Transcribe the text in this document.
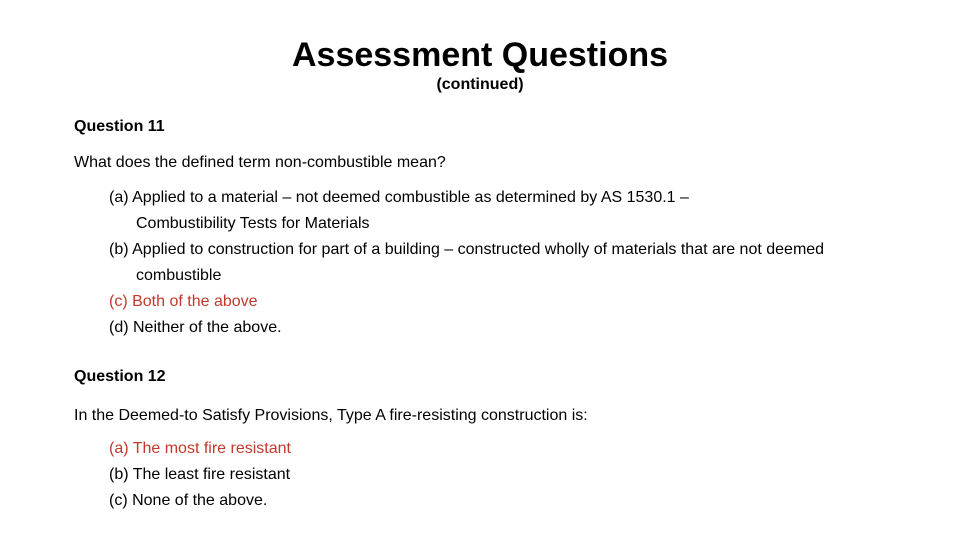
Assessment Questions
(continued)
Question 11
What does the defined term non-combustible mean?
(a) Applied to a material – not deemed combustible as determined by AS 1530.1 – Combustibility Tests for Materials
(b) Applied to construction for part of a building – constructed wholly of materials that are not deemed combustible
(c) Both of the above
(d) Neither of the above.
Question 12
In the Deemed-to Satisfy Provisions, Type A fire-resisting construction is:
(a) The most fire resistant
(b) The least fire resistant
(c) None of the above.
